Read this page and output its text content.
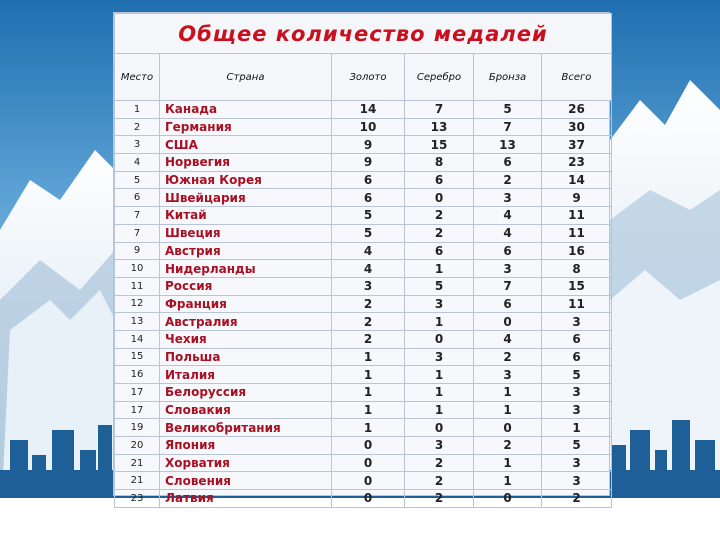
Общее количество медалей					
Место	Страна	Золото	Серебро	Бронза	Всего
1	Канада	14	7	5	26
2	Германия	10	13	7	30
3	США	9	15	13	37
4	Норвегия	9	8	6	23
5	Южная Корея	6	6	2	14
6	Швейцария	6	0	3	9
7	Китай	5	2	4	11
7	Швеция	5	2	4	11
9	Австрия	4	6	6	16
10	Нидерланды	4	1	3	8
11	Россия	3	5	7	15
12	Франция	2	3	6	11
13	Австралия	2	1	0	3
14	Чехия	2	0	4	6
15	Польша	1	3	2	6
16	Италия	1	1	3	5
17	Белоруссия	1	1	1	3
17	Словакия	1	1	1	3
19	Великобритания	1	0	0	1
20	Япония	0	3	2	5
21	Хорватия	0	2	1	3
21	Словения	0	2	1	3
23	Латвия	0	2	0	2
